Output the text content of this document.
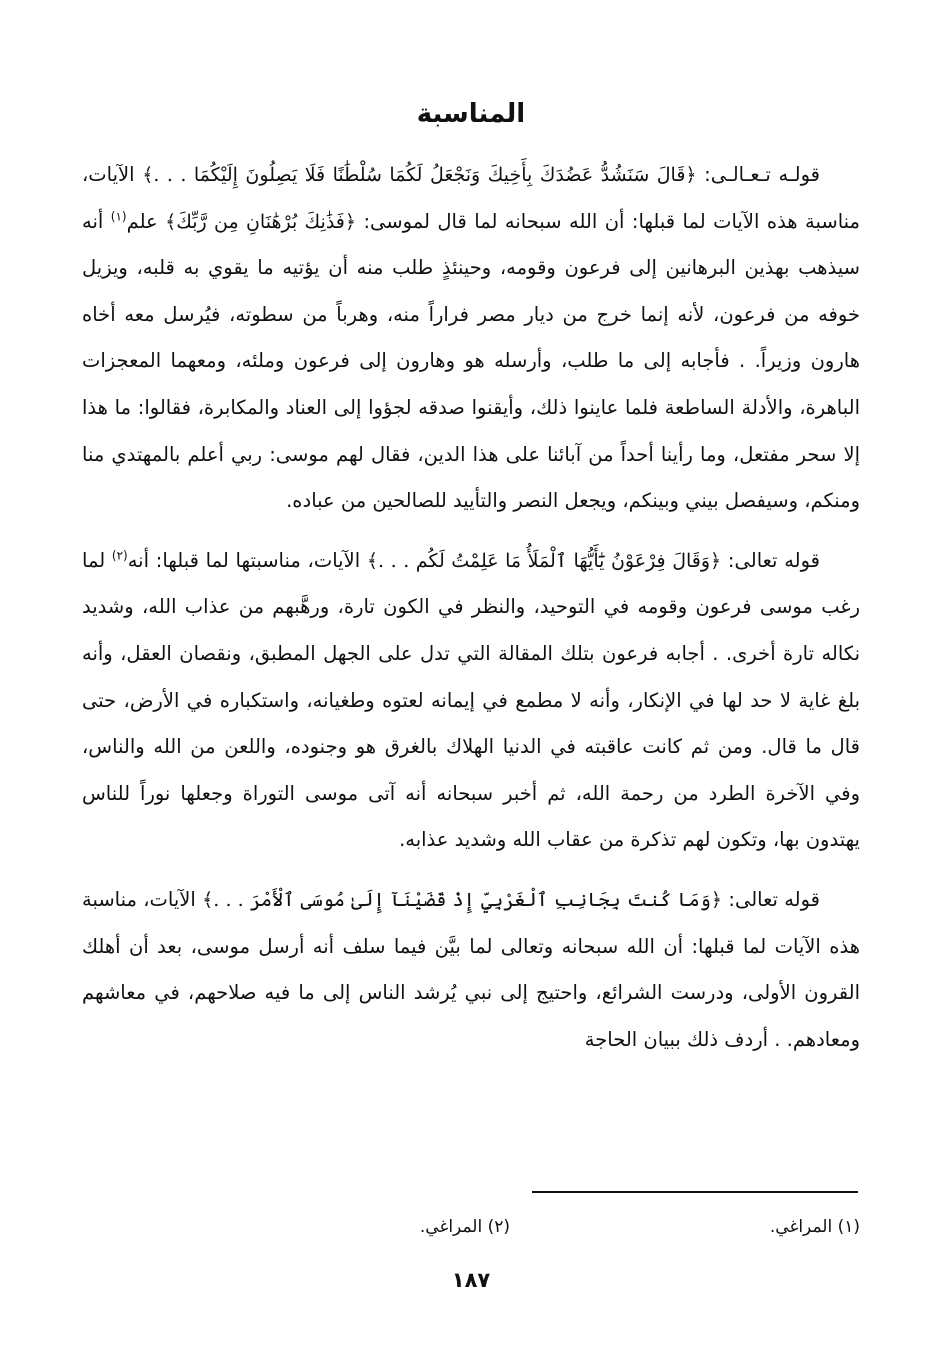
المناسبة

قولـه تـعـالـى: ﴿قَالَ سَنَشُدُّ عَضُدَكَ بِأَخِيكَ وَنَجْعَلُ لَكُمَا سُلْطَٰنًا فَلَا يَصِلُونَ إِلَيْكُمَا . . .﴾ الآيات، مناسبة هذه الآيات لما قبلها: أن الله سبحانه لما قال لموسى: ﴿فَذَٰنِكَ بُرْهَٰنَانِ مِن رَّبِّكَ﴾ علم$^{(١)}$ أنه سيذهب بهذين البرهانين إلى فرعون وقومه، وحينئذٍ طلب منه أن يؤتيه ما يقوي به قلبه، ويزيل خوفه من فرعون، لأنه إنما خرج من ديار مصر فراراً منه، وهرباً من سطوته، فيُرسل معه أخاه هارون وزيراً. . فأجابه إلى ما طلب، وأرسله هو وهارون إلى فرعون وملئه، ومعهما المعجزات الباهرة، والأدلة الساطعة فلما عاينوا ذلك، وأيقنوا صدقه لجؤوا إلى العناد والمكابرة، فقالوا: ما هذا إلا سحر مفتعل، وما رأينا أحداً من آبائنا على هذا الدين، فقال لهم موسى: ربي أعلم بالمهتدي منا ومنكم، وسيفصل بيني وبينكم، ويجعل النصر والتأييد للصالحين من عباده.

قوله تعالى: ﴿وَقَالَ فِرْعَوْنُ يَٰٓأَيُّهَا ٱلْمَلَأُ مَا عَلِمْتُ لَكُم . . .﴾ الآيات، مناسبتها لما قبلها: أنه$^{(٢)}$ لما رغب موسى فرعون وقومه في التوحيد، والنظر في الكون تارة، ورهَّبهم من عذاب الله، وشديد نكاله تارة أخرى. . أجابه فرعون بتلك المقالة التي تدل على الجهل المطبق، ونقصان العقل، وأنه بلغ غاية لا حد لها في الإنكار، وأنه لا مطمع في إيمانه لعتوه وطغيانه، واستكباره في الأرض، حتى قال ما قال. ومن ثم كانت عاقبته في الدنيا الهلاك بالغرق هو وجنوده، واللعن من الله والناس، وفي الآخرة الطرد من رحمة الله، ثم أخبر سبحانه أنه آتى موسى التوراة وجعلها نوراً للناس يهتدون بها، وتكون لهم تذكرة من عقاب الله وشديد عذابه.

قوله تعالى: ﴿وَمَا كُنتَ بِجَانِبِ ٱلْغَرْبِيِّ إِذْ قَضَيْنَآ إِلَىٰ مُوسَى ٱلْأَمْرَ . . .﴾ الآيات، مناسبة هذه الآيات لما قبلها: أن الله سبحانه وتعالى لما بيَّن فيما سلف أنه أرسل موسى، بعد أن أهلك القرون الأولى، ودرست الشرائع، واحتيج إلى نبي يُرشد الناس إلى ما فيه صلاحهم، في معاشهم ومعادهم. . أردف ذلك ببيان الحاجة

(١) المراغي.
(٢) المراغي.
١٨٧
